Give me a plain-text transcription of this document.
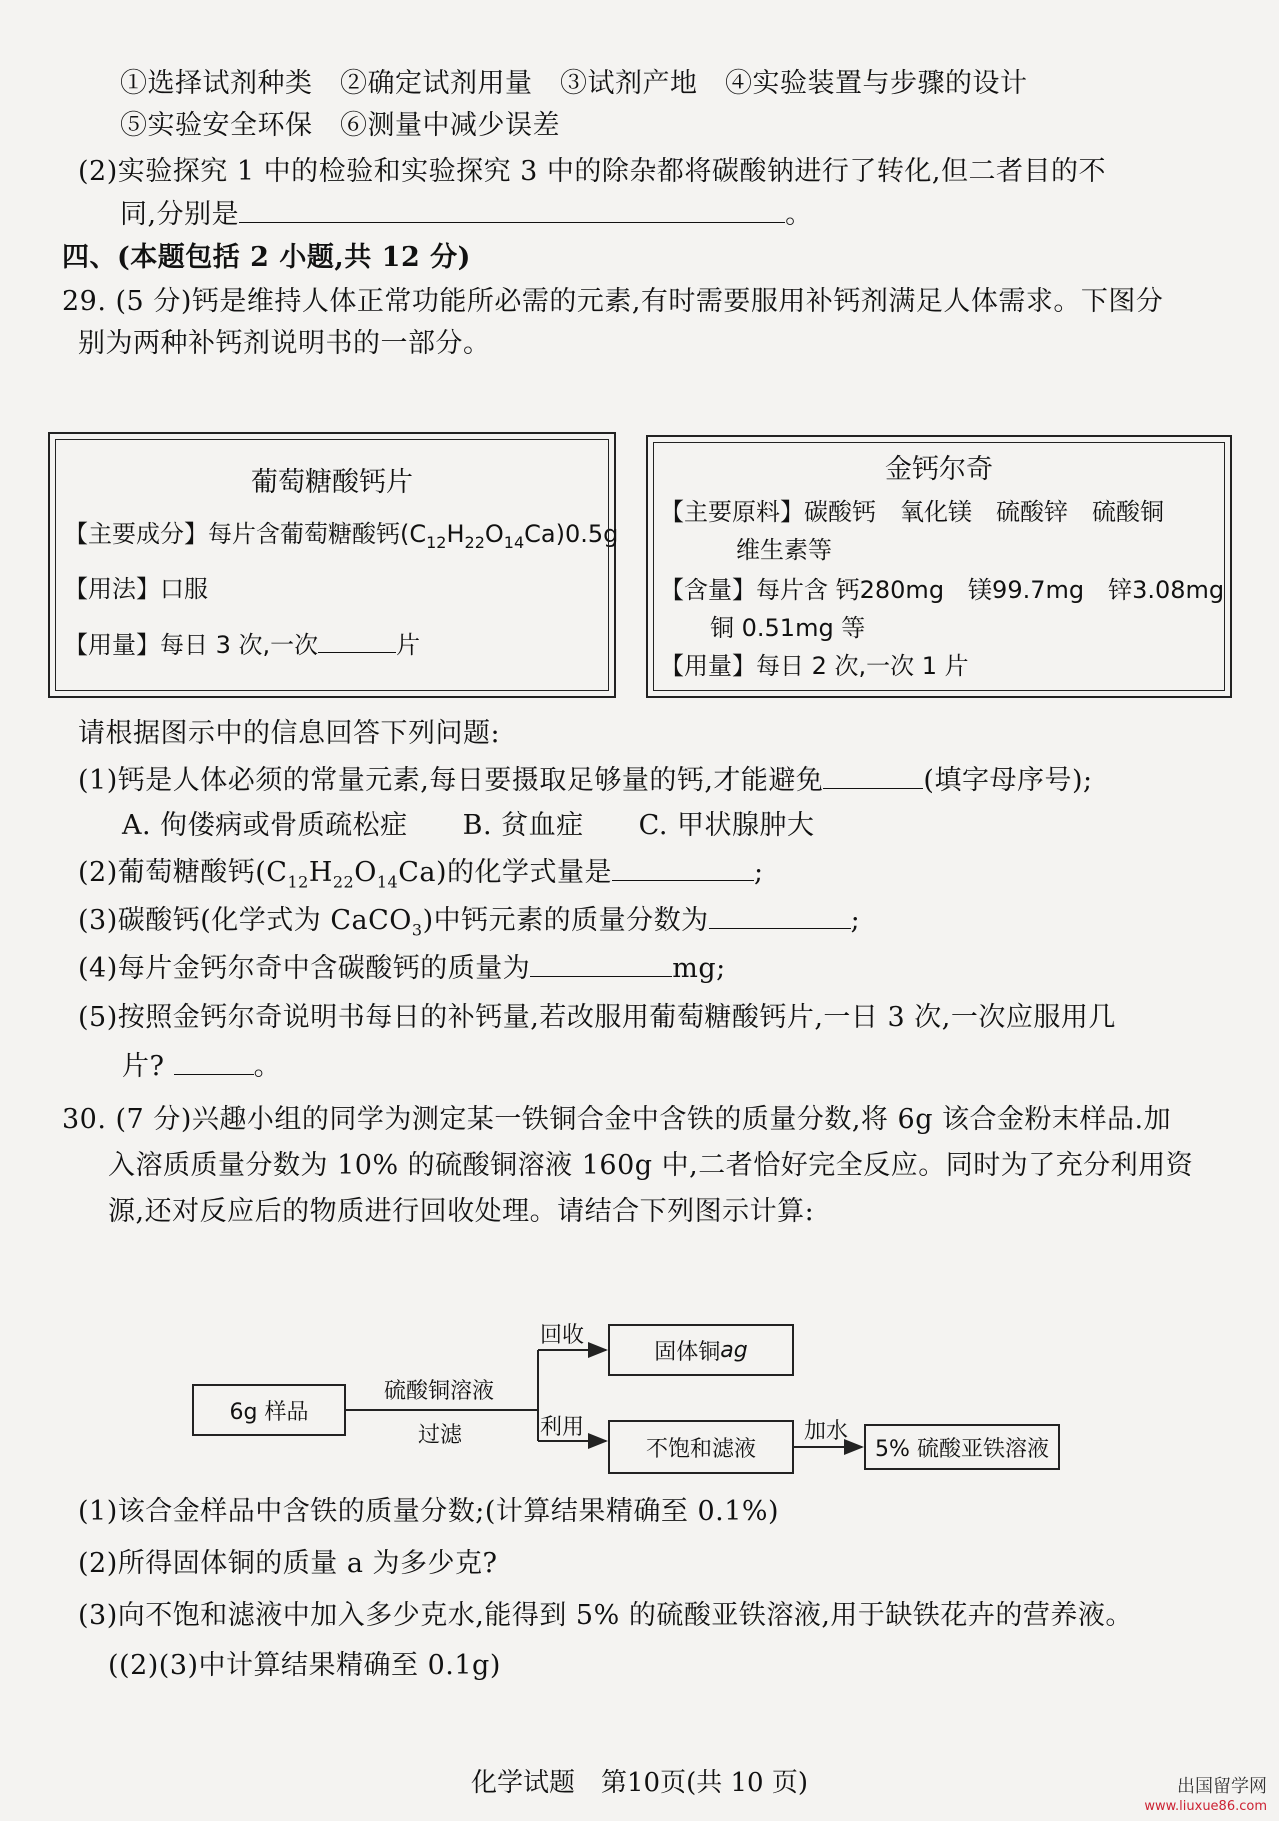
①选择试剂种类　②确定试剂用量　③试剂产地　④实验装置与步骤的设计
⑤实验安全环保　⑥测量中减少误差
(2)实验探究 1 中的检验和实验探究 3 中的除杂都将碳酸钠进行了转化,但二者目的不
同,分别是	。
四、(本题包括 2 小题,共 12 分)
29. (5 分)钙是维持人体正常功能所必需的元素,有时需要服用补钙剂满足人体需求。下图分
别为两种补钙剂说明书的一部分。
葡萄糖酸钙片
【主要成分】每片含葡萄糖酸钙$(C_{12}H_{22}O_{14}Ca)0.5g$
【用法】口服
【用量】每日 3 次,一次	片
金钙尔奇
【主要原料】碳酸钙　氧化镁　硫酸锌　硫酸铜
维生素等
【含量】每片含 钙280mg　镁99.7mg　锌3.08mg
铜 0.51mg 等
【用量】每日 2 次,一次 1 片
请根据图示中的信息回答下列问题:
(1)钙是人体必须的常量元素,每日要摄取足够量的钙,才能避免	(填字母序号);
A. 佝偻病或骨质疏松症　　B. 贫血症　　C. 甲状腺肿大
(2)葡萄糖酸钙$(C_{12}H_{22}O_{14}Ca)$的化学式量是	;
(3)碳酸钙(化学式为 CaCO$_3$)中钙元素的质量分数为	;
(4)每片金钙尔奇中含碳酸钙的质量为	mg;
(5)按照金钙尔奇说明书每日的补钙量,若改服用葡萄糖酸钙片,一日 3 次,一次应服用几
片?	。
30. (7 分)兴趣小组的同学为测定某一铁铜合金中含铁的质量分数,将 6g 该合金粉末样品.加
入溶质质量分数为 10% 的硫酸铜溶液 160g 中,二者恰好完全反应。同时为了充分利用资
源,还对反应后的物质进行回收处理。请结合下列图示计算:
6g 样品
硫酸铜溶液
过滤
回收
固体铜 ag
利用
不饱和滤液
加水
5% 硫酸亚铁溶液
(1)该合金样品中含铁的质量分数;(计算结果精确至 0.1%)
(2)所得固体铜的质量 a 为多少克?
(3)向不饱和滤液中加入多少克水,能得到 5% 的硫酸亚铁溶液,用于缺铁花卉的营养液。
((2)(3)中计算结果精确至 0.1g)
化学试题　第10页(共 10 页)	出国留学网
www.liuxue86.com
